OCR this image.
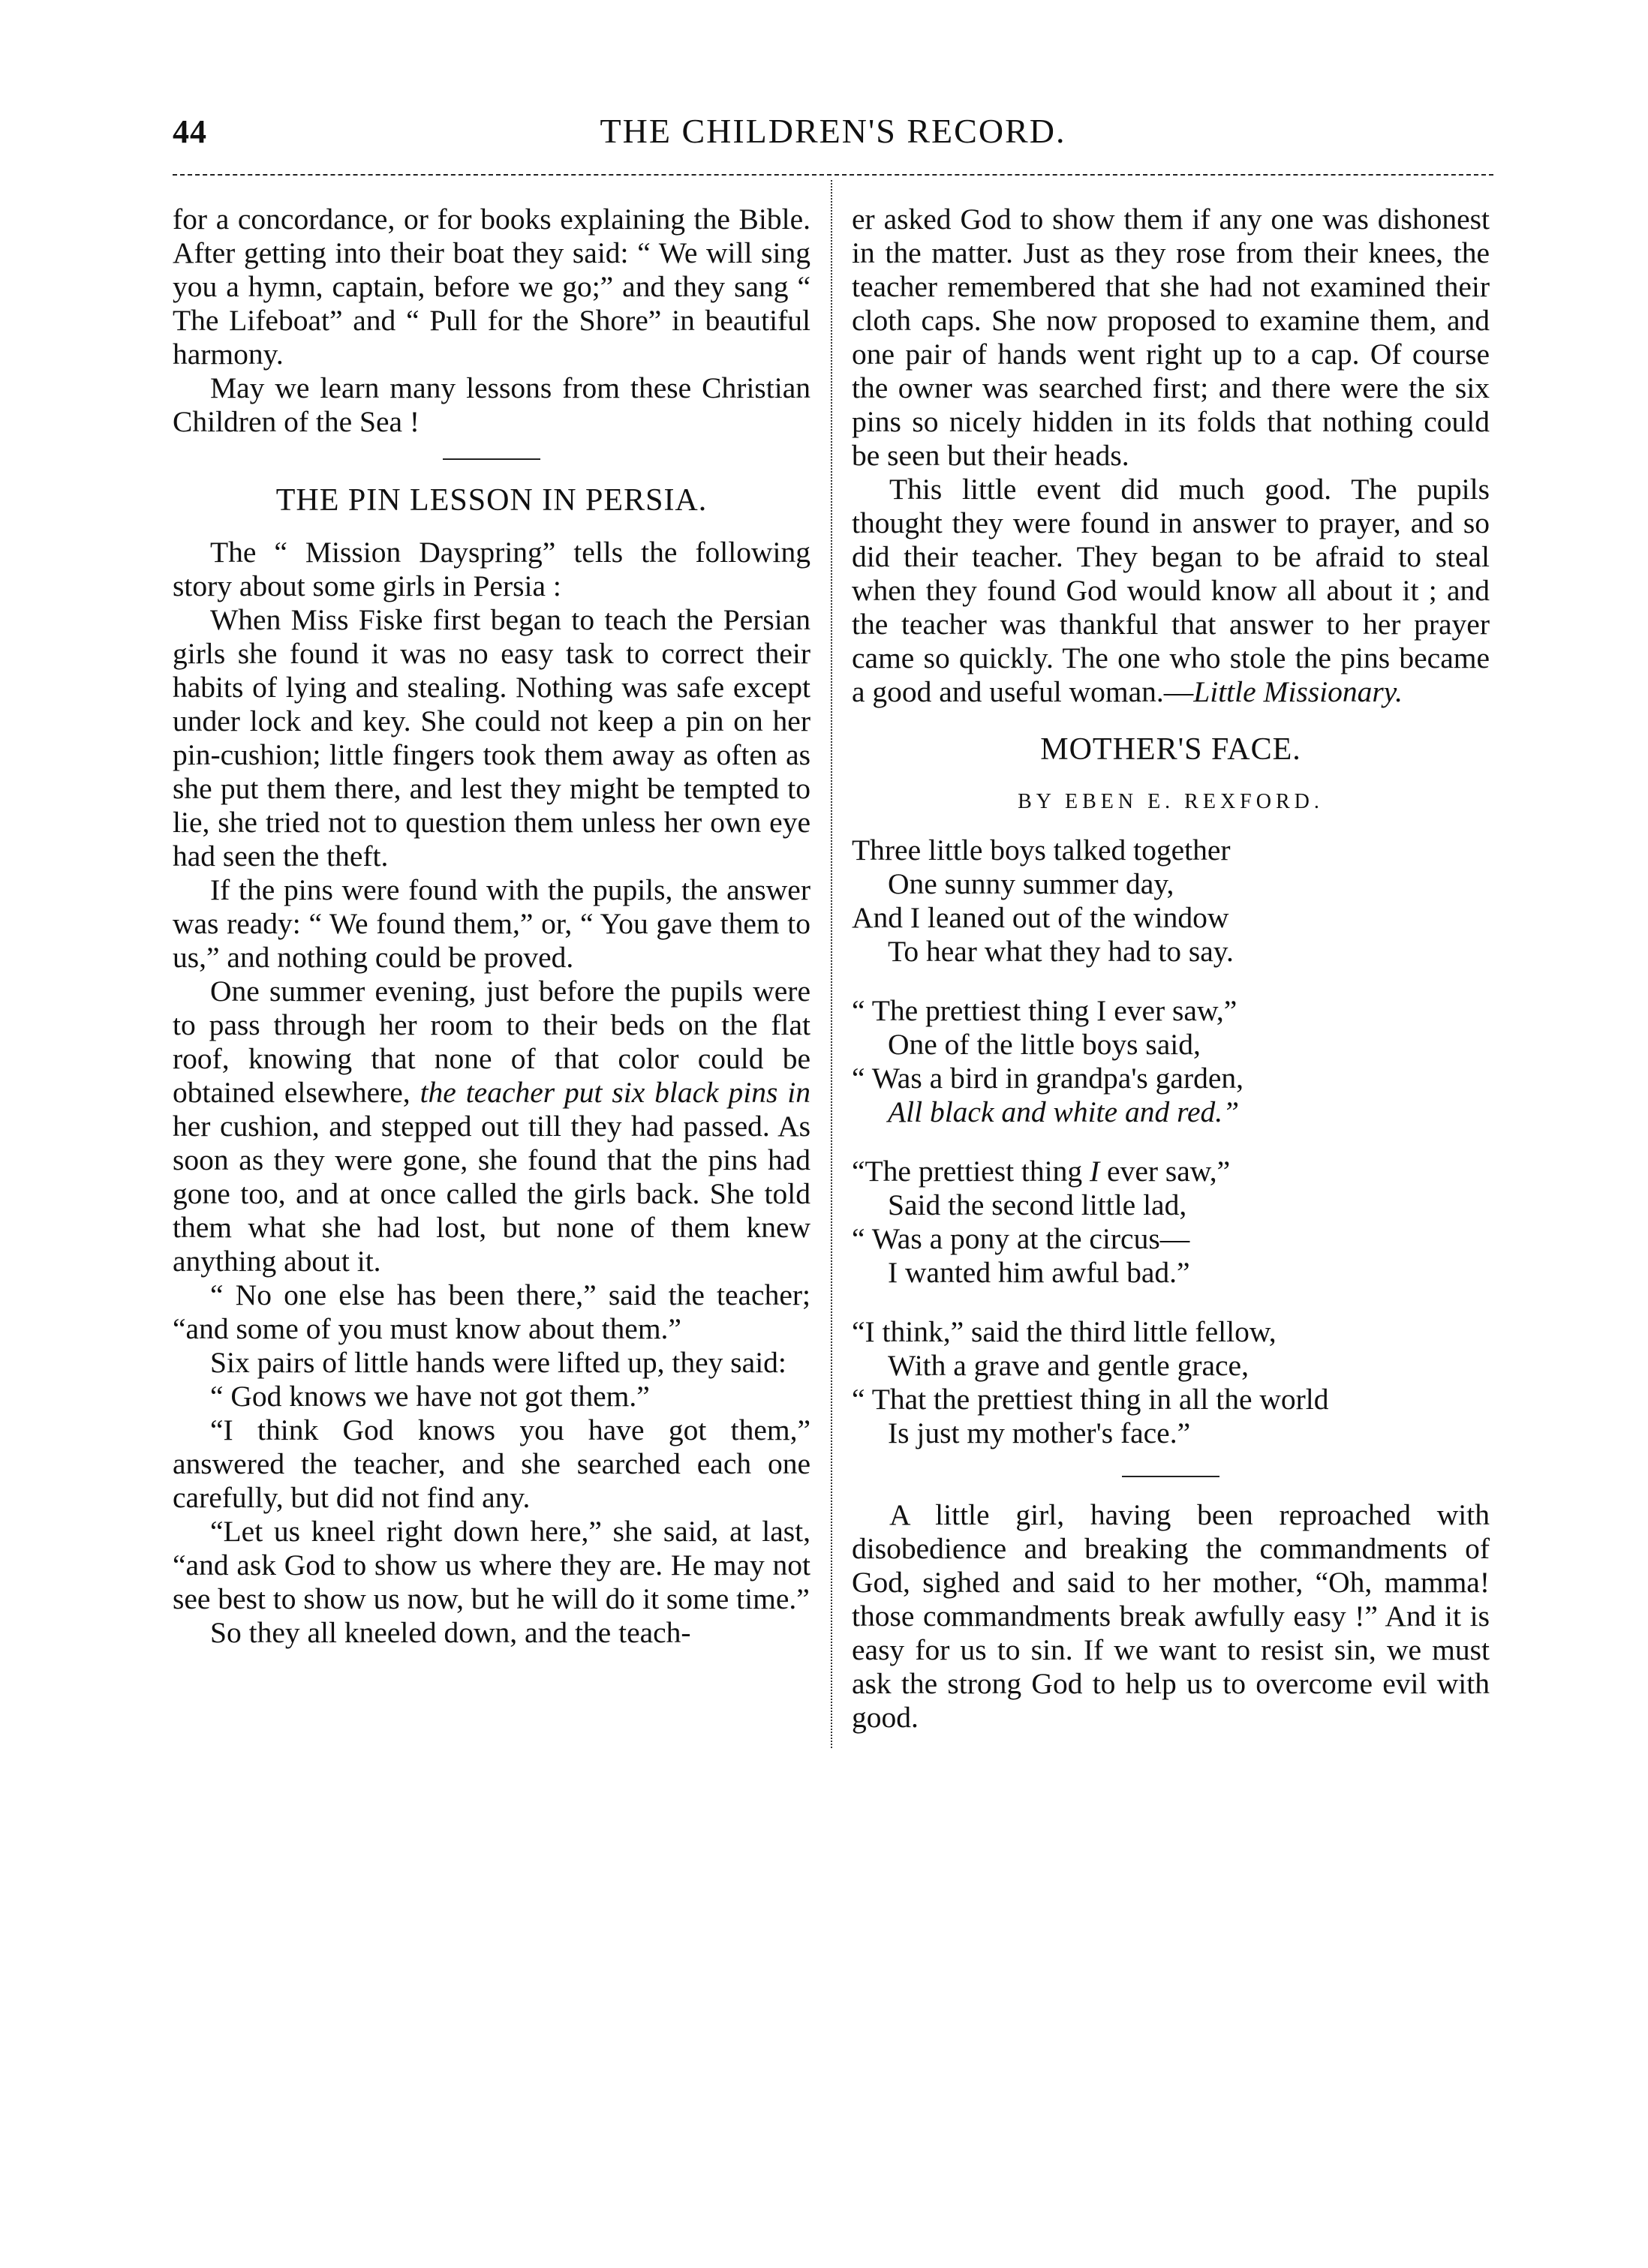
44	THE CHILDREN'S RECORD.

for a concordance, or for books explaining the Bible. After getting into their boat they said: “ We will sing you a hymn, captain, before we go;” and they sang “ The Lifeboat” and “ Pull for the Shore” in beautiful harmony.

May we learn many lessons from these Christian Children of the Sea !

THE PIN LESSON IN PERSIA.

The “ Mission Dayspring” tells the following story about some girls in Persia :

When Miss Fiske first began to teach the Persian girls she found it was no easy task to correct their habits of lying and stealing. Nothing was safe except under lock and key. She could not keep a pin on her pin-cushion; little fingers took them away as often as she put them there, and lest they might be tempted to lie, she tried not to question them unless her own eye had seen the theft.

If the pins were found with the pupils, the answer was ready: “ We found them,” or, “ You gave them to us,” and nothing could be proved.

One summer evening, just before the pupils were to pass through her room to their beds on the flat roof, knowing that none of that color could be obtained elsewhere, the teacher put six black pins in her cushion, and stepped out till they had passed. As soon as they were gone, she found that the pins had gone too, and at once called the girls back. She told them what she had lost, but none of them knew anything about it.

“ No one else has been there,” said the teacher; “and some of you must know about them.”

Six pairs of little hands were lifted up, they said:

“ God knows we have not got them.”

“I think God knows you have got them,” answered the teacher, and she searched each one carefully, but did not find any.

“Let us kneel right down here,” she said, at last, “and ask God to show us where they are. He may not see best to show us now, but he will do it some time.”

So they all kneeled down, and the teach-

er asked God to show them if any one was dishonest in the matter. Just as they rose from their knees, the teacher remembered that she had not examined their cloth caps. She now proposed to examine them, and one pair of hands went right up to a cap. Of course the owner was searched first; and there were the six pins so nicely hidden in its folds that nothing could be seen but their heads.

This little event did much good. The pupils thought they were found in answer to prayer, and so did their teacher. They began to be afraid to steal when they found God would know all about it ; and the teacher was thankful that answer to her prayer came so quickly. The one who stole the pins became a good and useful woman.—Little Missionary.

MOTHER'S FACE.
BY EBEN E. REXFORD.
Three little boys talked together
One sunny summer day,
And I leaned out of the window
To hear what they had to say.
“ The prettiest thing I ever saw,”
One of the little boys said,
“ Was a bird in grandpa's garden,
All black and white and red.”
“The prettiest thing I ever saw,”
Said the second little lad,
“ Was a pony at the circus—
I wanted him awful bad.”
“I think,” said the third little fellow,
With a grave and gentle grace,
“ That the prettiest thing in all the world
Is just my mother's face.”

A little girl, having been reproached with disobedience and breaking the commandments of God, sighed and said to her mother, “Oh, mamma! those commandments break awfully easy !” And it is easy for us to sin. If we want to resist sin, we must ask the strong God to help us to overcome evil with good.
